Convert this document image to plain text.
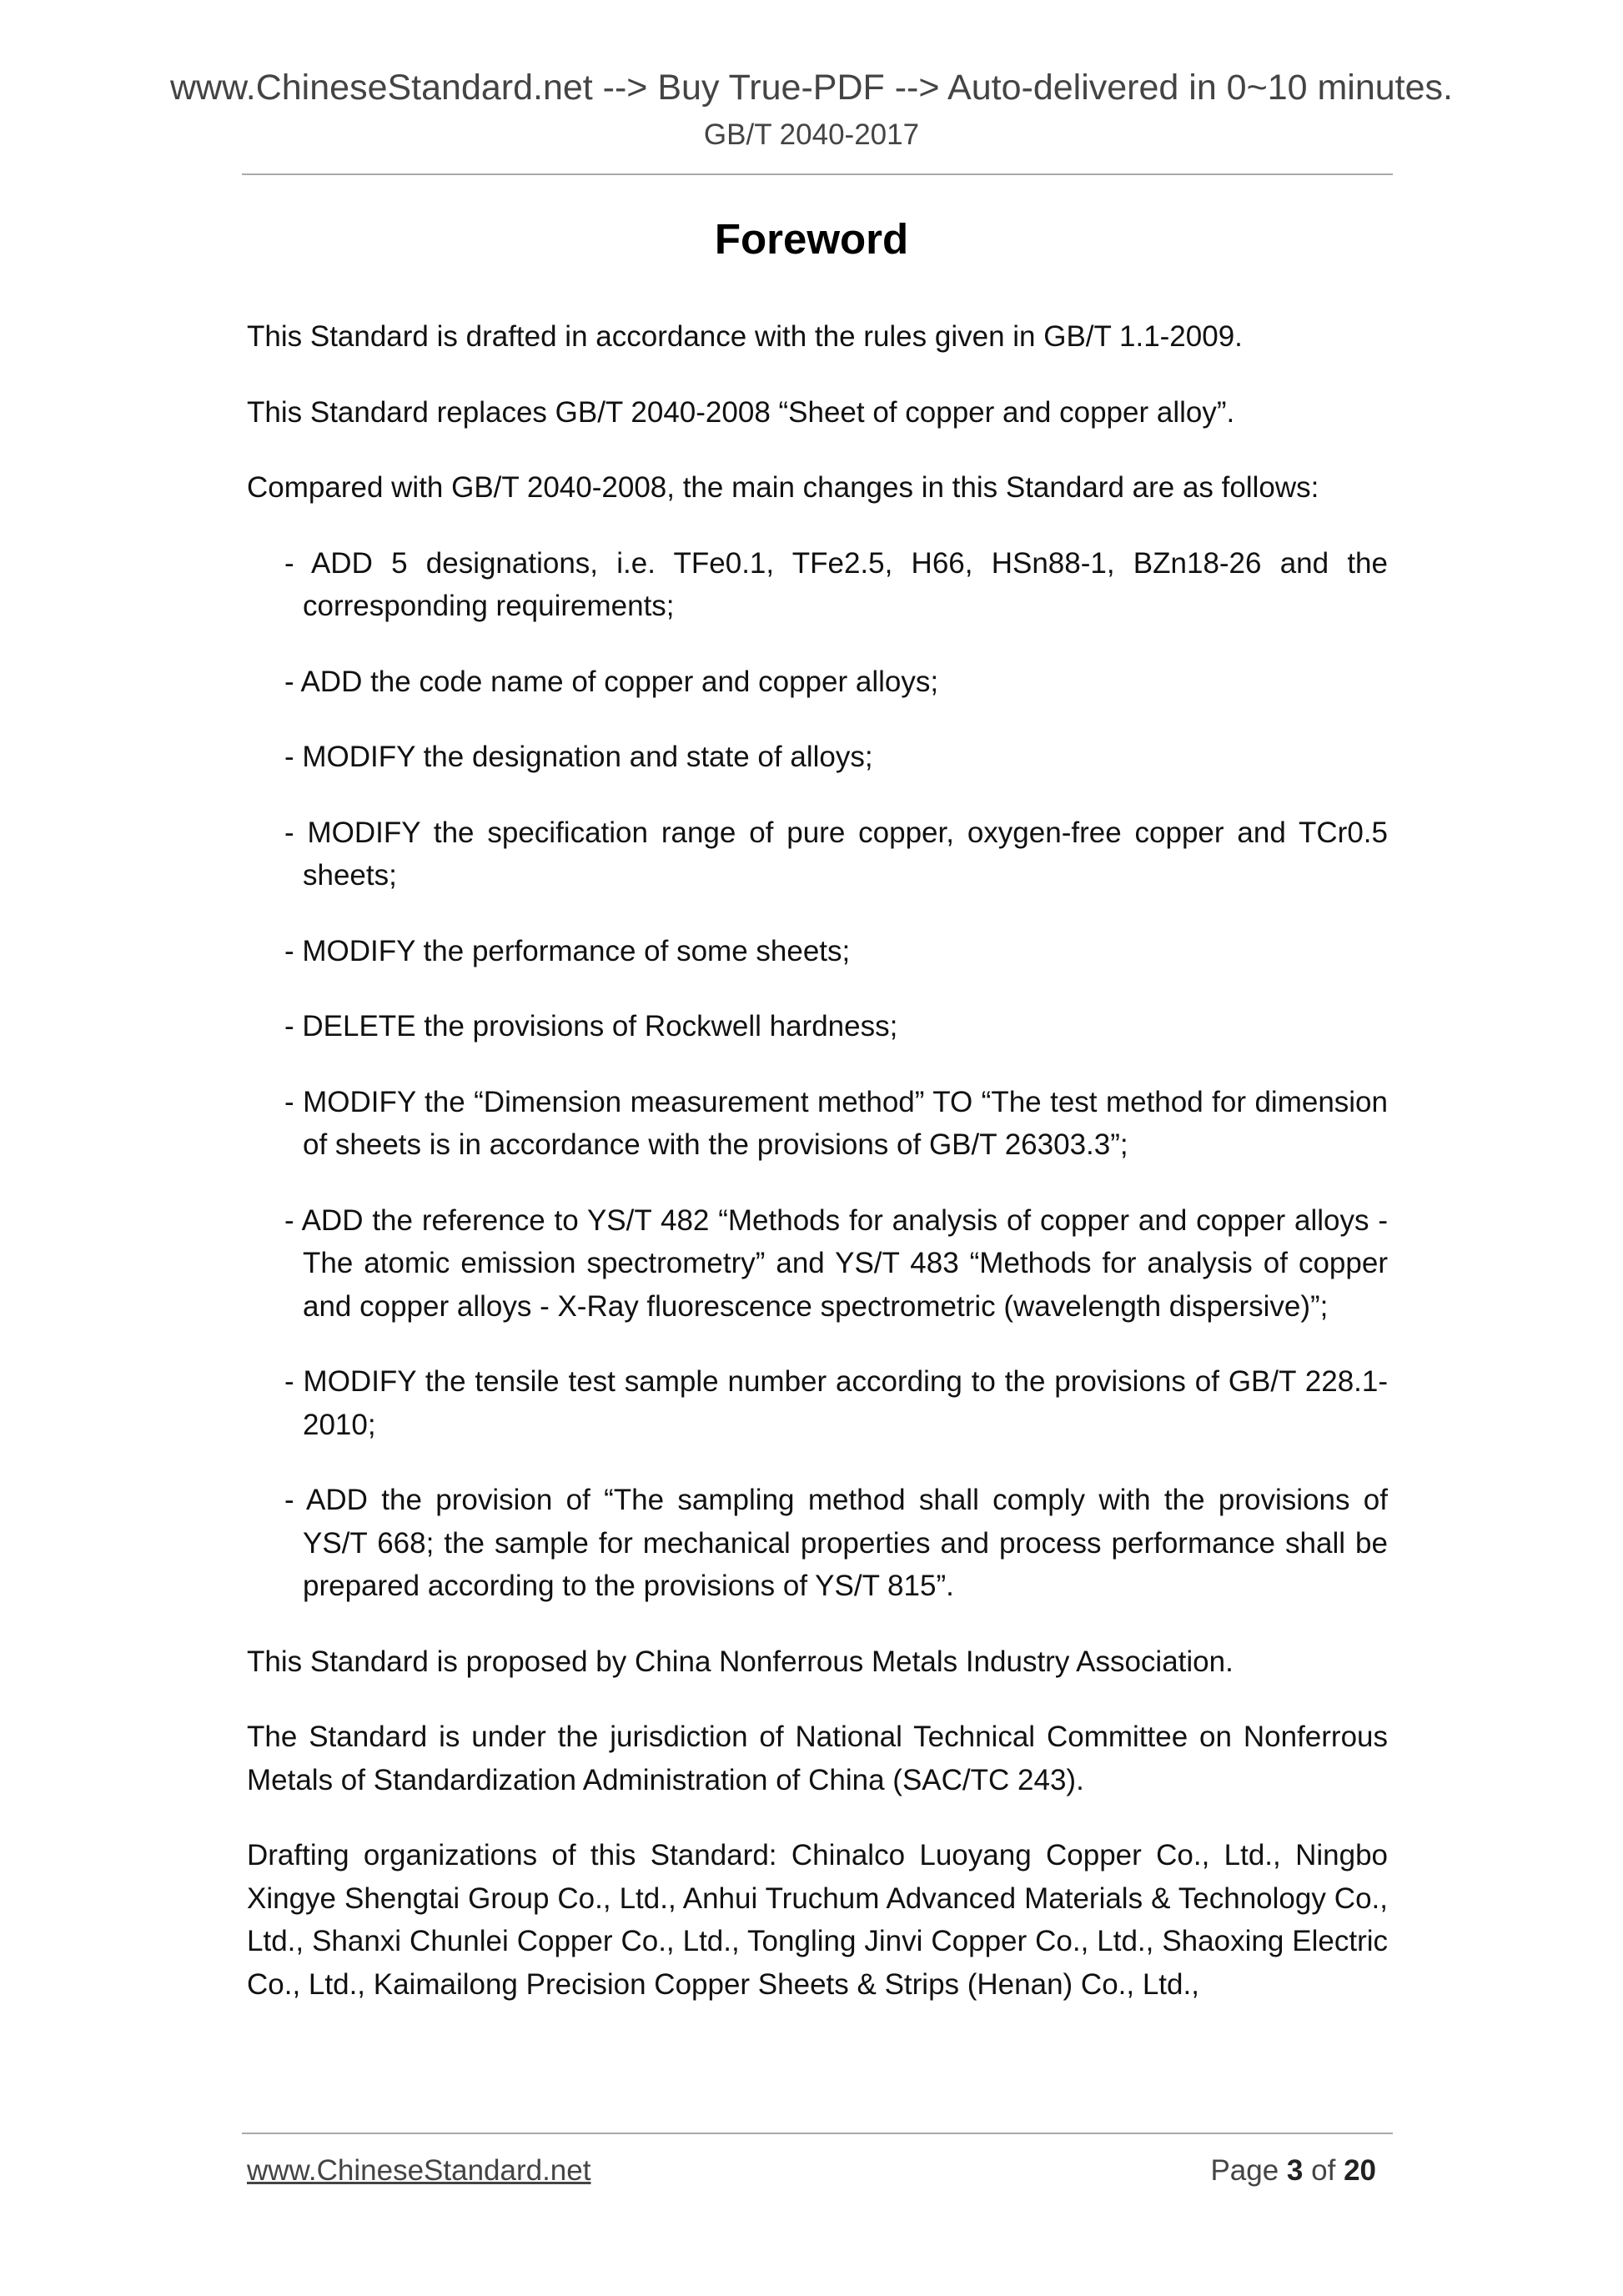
www.ChineseStandard.net --> Buy True-PDF --> Auto-delivered in 0~10 minutes.
GB/T 2040-2017
Foreword

This Standard is drafted in accordance with the rules given in GB/T 1.1-2009.

This Standard replaces GB/T 2040-2008 “Sheet of copper and copper alloy”.

Compared with GB/T 2040-2008, the main changes in this Standard are as follows:

- ADD 5 designations, i.e. TFe0.1, TFe2.5, H66, HSn88-1, BZn18-26 and the corresponding requirements;

- ADD the code name of copper and copper alloys;

- MODIFY the designation and state of alloys;

- MODIFY the specification range of pure copper, oxygen-free copper and TCr0.5 sheets;

- MODIFY the performance of some sheets;

- DELETE the provisions of Rockwell hardness;

- MODIFY the “Dimension measurement method” TO “The test method for dimension of sheets is in accordance with the provisions of GB/T 26303.3”;

- ADD the reference to YS/T 482 “Methods for analysis of copper and copper alloys - The atomic emission spectrometry” and YS/T 483 “Methods for analysis of copper and copper alloys - X-Ray fluorescence spectrometric (wavelength dispersive)”;

- MODIFY the tensile test sample number according to the provisions of GB/T 228.1-2010;

- ADD the provision of “The sampling method shall comply with the provisions of YS/T 668; the sample for mechanical properties and process performance shall be prepared according to the provisions of YS/T 815”.

This Standard is proposed by China Nonferrous Metals Industry Association.

The Standard is under the jurisdiction of National Technical Committee on Nonferrous Metals of Standardization Administration of China (SAC/TC 243).

Drafting organizations of this Standard: Chinalco Luoyang Copper Co., Ltd., Ningbo Xingye Shengtai Group Co., Ltd., Anhui Truchum Advanced Materials & Technology Co., Ltd., Shanxi Chunlei Copper Co., Ltd., Tongling Jinvi Copper Co., Ltd., Shaoxing Electric Co., Ltd., Kaimailong Precision Copper Sheets & Strips (Henan) Co., Ltd.,

www.ChineseStandard.net	Page 3 of 20
